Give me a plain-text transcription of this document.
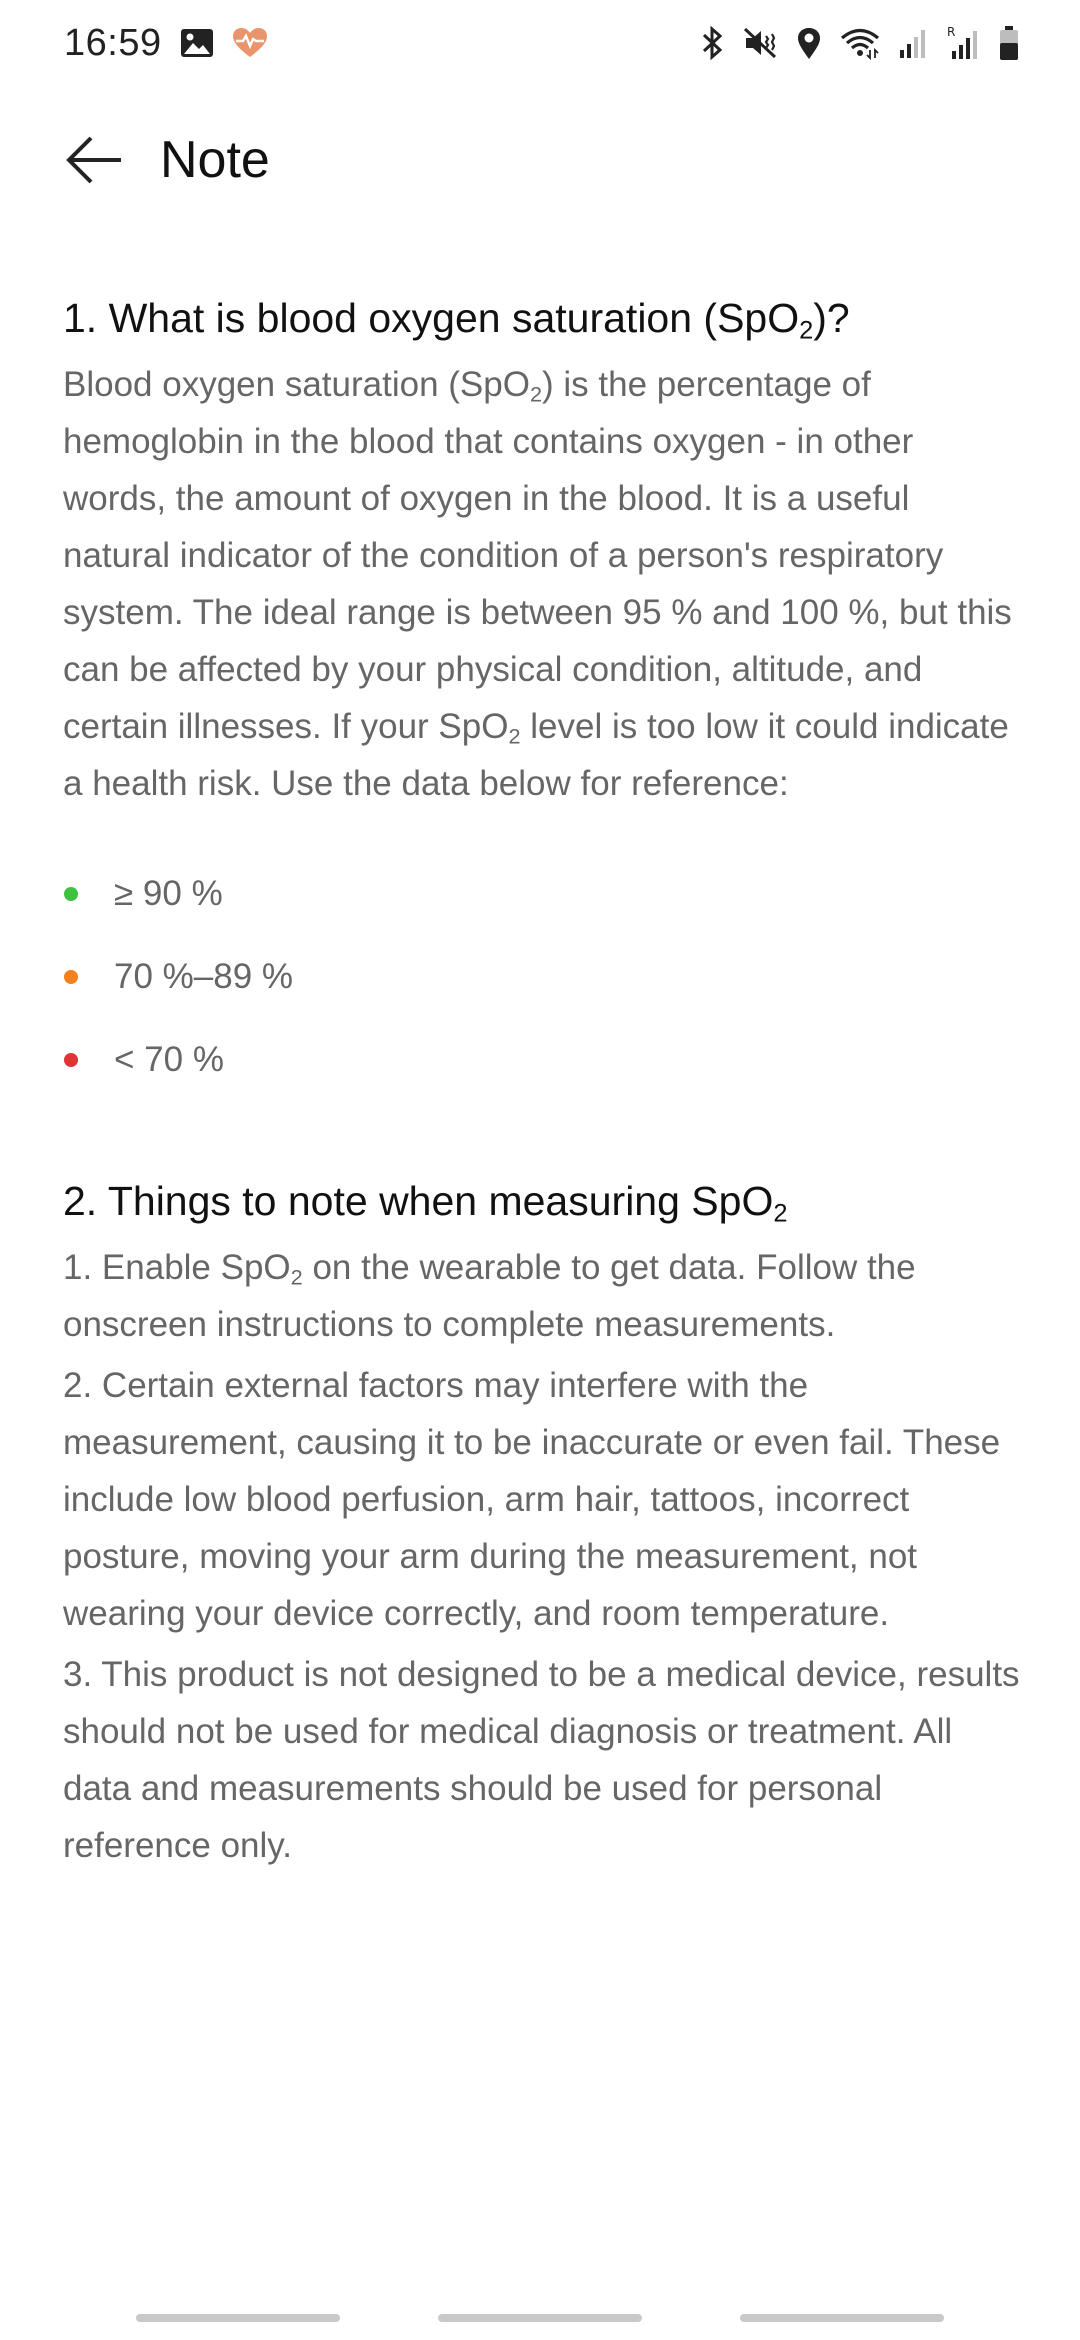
16:59	R
Note
1. What is blood oxygen saturation (SpO$_2$)?

Blood oxygen saturation (SpO$_2$) is the percentage of hemoglobin in the blood that contains oxygen - in other words, the amount of oxygen in the blood. It is a useful natural indicator of the condition of a person's respiratory system. The ideal range is between 95 % and 100 %, but this can be affected by your physical condition, altitude, and certain illnesses. If your SpO$_2$ level is too low it could indicate a health risk. Use the data below for reference:

≥ 90 %
70 %–89 %
< 70 %
2. Things to note when measuring SpO$_2$

1. Enable SpO$_2$ on the wearable to get data. Follow the onscreen instructions to complete measurements.

2. Certain external factors may interfere with the measurement, causing it to be inaccurate or even fail. These include low blood perfusion, arm hair, tattoos, incorrect posture, moving your arm during the measurement, not wearing your device correctly, and room temperature.

3. This product is not designed to be a medical device, results should not be used for medical diagnosis or treatment. All data and measurements should be used for personal reference only.
